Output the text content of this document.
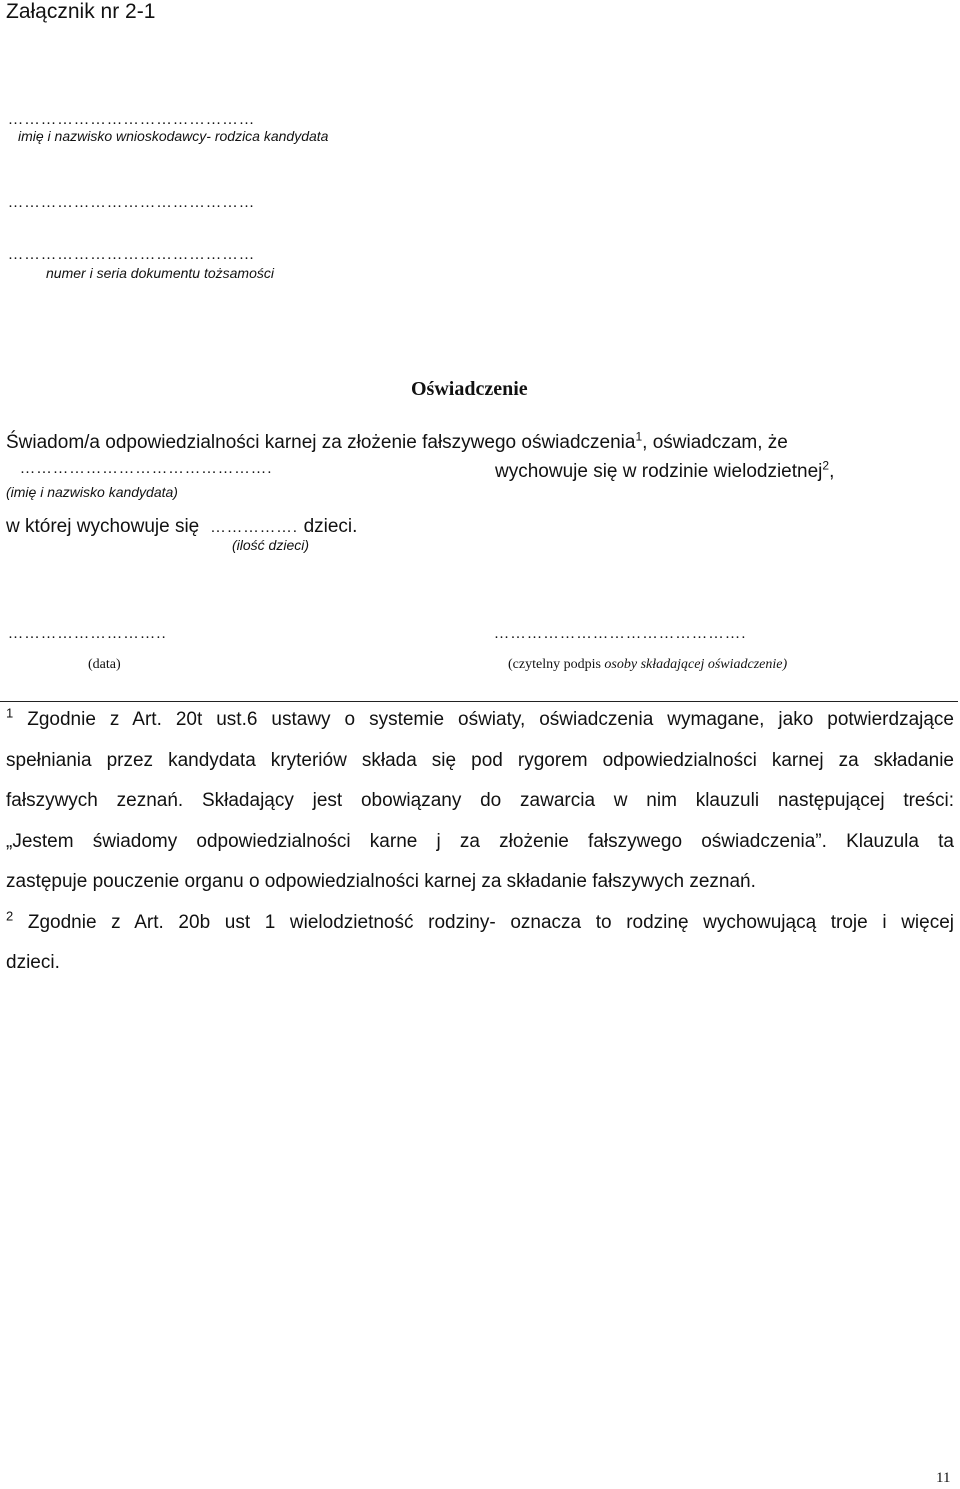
Załącznik nr 2-1
………………………………………
imię i nazwisko wnioskodawcy- rodzica kandydata
………………………………………
………………………………………
numer i seria dokumentu tożsamości
Oświadczenie
Świadom/a odpowiedzialności karnej za złożenie fałszywego oświadczenia$^1$, oświadczam, że
……………………………………….	wychowuje się w rodzinie wielodzietnej$^2$,
(imię i nazwisko kandydata)
w której wychowuje się ……………. dzieci.
(ilość dzieci)
………………………..
(data)
……………………………………….
(czytelny podpis osoby składającej oświadczenie)

$^1$ Zgodnie z Art. 20t ust.6 ustawy o systemie oświaty, oświadczenia wymagane, jako potwierdzające

spełniania przez kandydata kryteriów składa się pod rygorem odpowiedzialności karnej za składanie

fałszywych zeznań. Składający jest obowiązany do zawarcia w nim klauzuli następującej treści:

„Jestem świadomy odpowiedzialności karne j za złożenie fałszywego oświadczenia”. Klauzula ta

zastępuje pouczenie organu o odpowiedzialności karnej za składanie fałszywych zeznań.

$^2$ Zgodnie z Art. 20b ust 1 wielodzietność rodziny- oznacza to rodzinę wychowującą troje i więcej

dzieci.

11
